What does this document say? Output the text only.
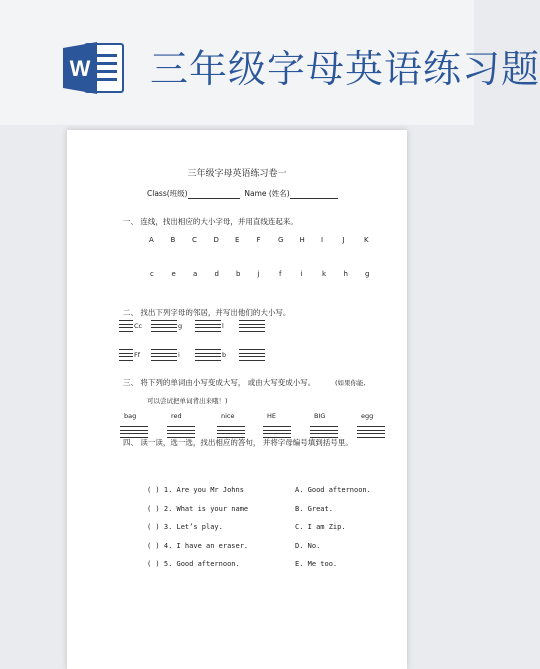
W 三年级字母英语练习题
三年级字母英语练习卷一
Class(班级)	Name (姓名)
一、 连线，找出相应的大小字母，并用直线连起来。
A B C D E F G H I	J	K
c	e a d b j	f	i	k h g
二、 找出下列字母的邻居，并写出他们的大小写。
Cc	g	l
Ff	i	b
三、 将下列的单词由小写变成大写， 或由大写变成小写。	(如果你能,
可以尝试把单词背出来哦！)
bag	red	nice	HE	BIG	egg
四、 读一读，选一选，找出相应的答句， 并将字母编号填到括号里。
( ) 1. Are you Mr Johns	A. Good afternoon.
( ) 2. What is your name	B. Great.
( ) 3. Let’s play.	C. I am Zip.
( ) 4. I have an eraser.	D. No.
( ) 5. Good afternoon.	E. Me too.
